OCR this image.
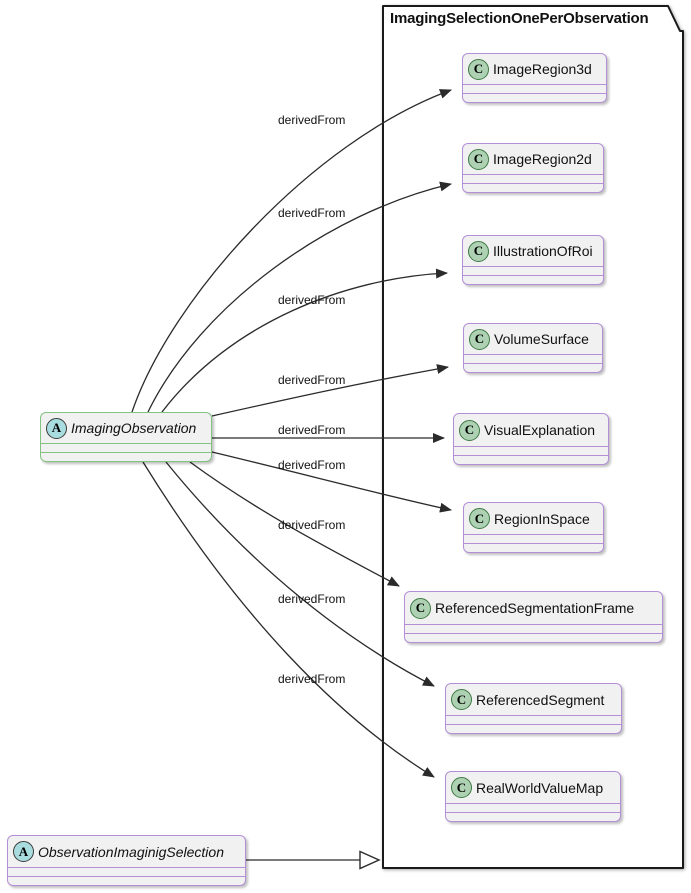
ImagingSelectionOnePerObservation
C ImageRegion3d
C ImageRegion2d
C IllustrationOfRoi
C VolumeSurface
C VisualExplanation
C RegionInSpace
C ReferencedSegmentationFrame
C ReferencedSegment
C RealWorldValueMap
A ImagingObservation
A ObservationImaginigSelection
derivedFrom
derivedFrom
derivedFrom
derivedFrom
derivedFrom
derivedFrom
derivedFrom
derivedFrom
derivedFrom
